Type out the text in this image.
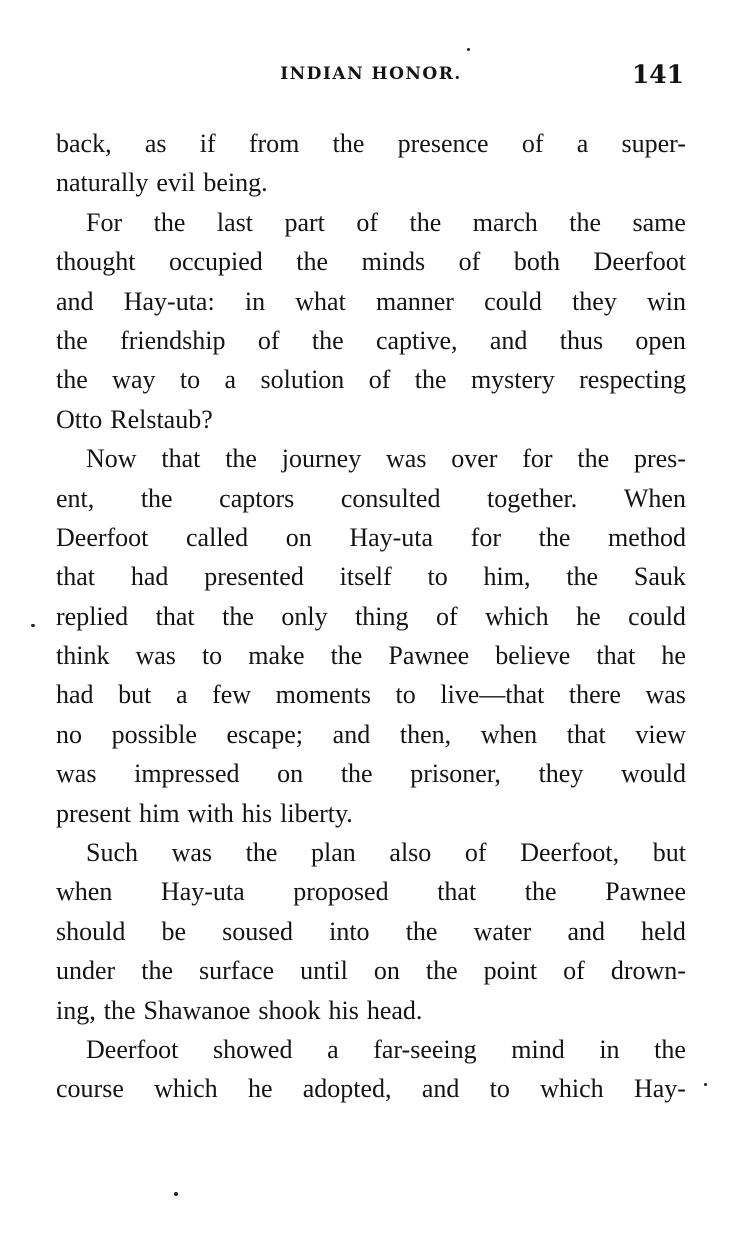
INDIAN HONOR.	141
back, as if from the presence of a super-
naturally evil being.
For the last part of the march the same
thought occupied the minds of both Deerfoot
and Hay-uta: in what manner could they win
the friendship of the captive, and thus open
the way to a solution of the mystery respecting
Otto Relstaub?
Now that the journey was over for the pres-
ent, the captors consulted together. When
Deerfoot called on Hay-uta for the method
that had presented itself to him, the Sauk
replied that the only thing of which he could
think was to make the Pawnee believe that he
had but a few moments to live—that there was
no possible escape; and then, when that view
was impressed on the prisoner, they would
present him with his liberty.
Such was the plan also of Deerfoot, but
when Hay-uta proposed that the Pawnee
should be soused into the water and held
under the surface until on the point of drown-
ing, the Shawanoe shook his head.
Deerfoot showed a far-seeing mind in the
course which he adopted, and to which Hay-
